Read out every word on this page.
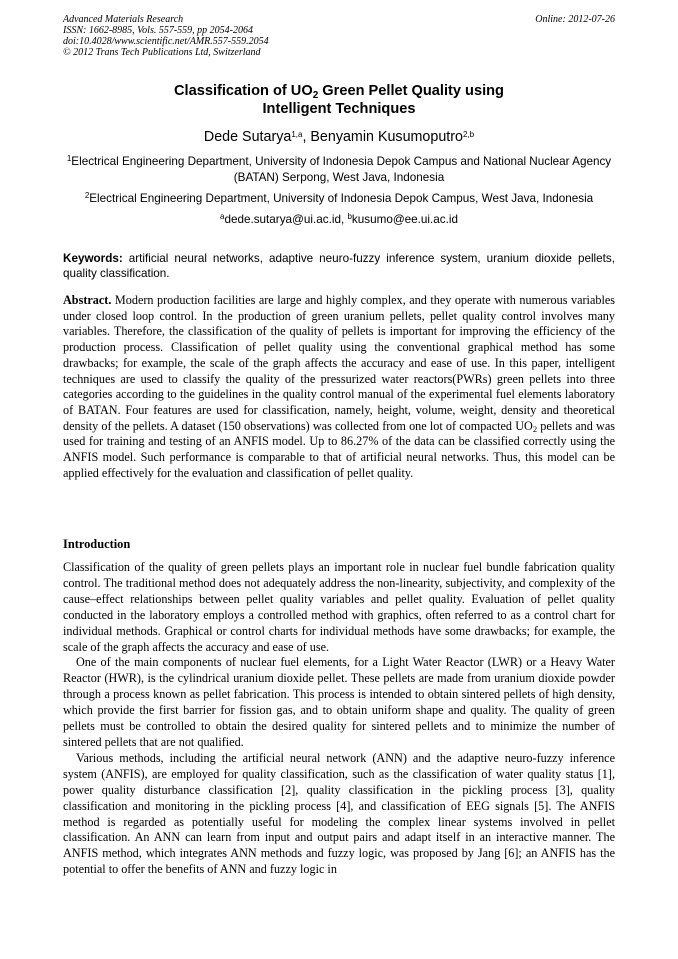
Advanced Materials Research
ISSN: 1662-8985, Vols. 557-559, pp 2054-2064
doi:10.4028/www.scientific.net/AMR.557-559.2054
© 2012 Trans Tech Publications Ltd, Switzerland
Online: 2012-07-26
Classification of $UO_2$ Green Pellet Quality using
Intelligent Techniques
Dede Sutarya$^{1,a}$, Benyamin Kusumoputro$^{2,b}$
$^1$Electrical Engineering Department, University of Indonesia Depok Campus and National Nuclear Agency (BATAN) Serpong, West Java, Indonesia
$^2$Electrical Engineering Department, University of Indonesia Depok Campus, West Java, Indonesia
$^a$dede.sutarya@ui.ac.id, $^b$kusumo@ee.ui.ac.id
Keywords: artificial neural networks, adaptive neuro-fuzzy inference system, uranium dioxide pellets, quality classification.
Abstract. Modern production facilities are large and highly complex, and they operate with numerous variables under closed loop control. In the production of green uranium pellets, pellet quality control involves many variables. Therefore, the classification of the quality of pellets is important for improving the efficiency of the production process. Classification of pellet quality using the conventional graphical method has some drawbacks; for example, the scale of the graph affects the accuracy and ease of use. In this paper, intelligent techniques are used to classify the quality of the pressurized water reactors(PWRs) green pellets into three categories according to the guidelines in the quality control manual of the experimental fuel elements laboratory of BATAN. Four features are used for classification, namely, height, volume, weight, density and theoretical density of the pellets. A dataset (150 observations) was collected from one lot of compacted $UO_2$ pellets and was used for training and testing of an ANFIS model. Up to 86.27% of the data can be classified correctly using the ANFIS model. Such performance is comparable to that of artificial neural networks. Thus, this model can be applied effectively for the evaluation and classification of pellet quality.
Introduction

Classification of the quality of green pellets plays an important role in nuclear fuel bundle fabrication quality control. The traditional method does not adequately address the non-linearity, subjectivity, and complexity of the cause–effect relationships between pellet quality variables and pellet quality. Evaluation of pellet quality conducted in the laboratory employs a controlled method with graphics, often referred to as a control chart for individual methods. Graphical or control charts for individual methods have some drawbacks; for example, the scale of the graph affects the accuracy and ease of use.

One of the main components of nuclear fuel elements, for a Light Water Reactor (LWR) or a Heavy Water Reactor (HWR), is the cylindrical uranium dioxide pellet. These pellets are made from uranium dioxide powder through a process known as pellet fabrication. This process is intended to obtain sintered pellets of high density, which provide the first barrier for fission gas, and to obtain uniform shape and quality. The quality of green pellets must be controlled to obtain the desired quality for sintered pellets and to minimize the number of sintered pellets that are not qualified.

Various methods, including the artificial neural network (ANN) and the adaptive neuro-fuzzy inference system (ANFIS), are employed for quality classification, such as the classification of water quality status [1], power quality disturbance classification [2], quality classification in the pickling process [3], quality classification and monitoring in the pickling process [4], and classification of EEG signals [5]. The ANFIS method is regarded as potentially useful for modeling the complex linear systems involved in pellet classification. An ANN can learn from input and output pairs and adapt itself in an interactive manner. The ANFIS method, which integrates ANN methods and fuzzy logic, was proposed by Jang [6]; an ANFIS has the potential to offer the benefits of ANN and fuzzy logic in
